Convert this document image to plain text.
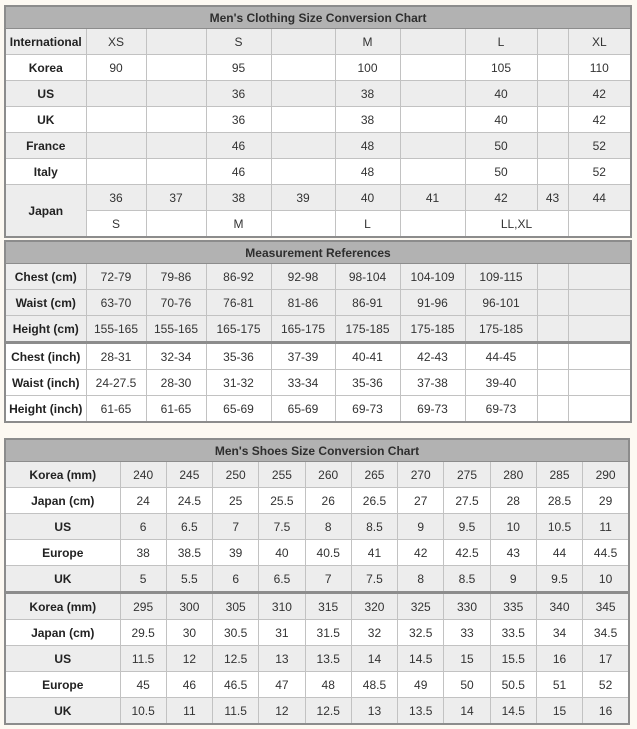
Men's Clothing Size Conversion Chart									
International	XS		S		M		L		XL
Korea	90		95		100		105		110
US			36		38		40		42
UK			36		38		40		42
France			46		48		50		52
Italy			46		48		50		52
Japan	36	37	38	39	40	41	42	43	44
	S		M		L		LL,XL		
Measurement References									
Chest (cm)	72-79	79-86	86-92	92-98	98-104	104-109	109-115		
Waist (cm)	63-70	70-76	76-81	81-86	86-91	91-96	96-101		
Height (cm)	155-165	155-165	165-175	165-175	175-185	175-185	175-185		
Chest (inch)	28-31	32-34	35-36	37-39	40-41	42-43	44-45		
Waist (inch)	24-27.5	28-30	31-32	33-34	35-36	37-38	39-40		
Height (inch)	61-65	61-65	65-69	65-69	69-73	69-73	69-73		
Men's Shoes Size Conversion Chart											
Korea (mm)	240	245	250	255	260	265	270	275	280	285	290
Japan (cm)	24	24.5	25	25.5	26	26.5	27	27.5	28	28.5	29
US	6	6.5	7	7.5	8	8.5	9	9.5	10	10.5	11
Europe	38	38.5	39	40	40.5	41	42	42.5	43	44	44.5
UK	5	5.5	6	6.5	7	7.5	8	8.5	9	9.5	10
Korea (mm)	295	300	305	310	315	320	325	330	335	340	345
Japan (cm)	29.5	30	30.5	31	31.5	32	32.5	33	33.5	34	34.5
US	11.5	12	12.5	13	13.5	14	14.5	15	15.5	16	17
Europe	45	46	46.5	47	48	48.5	49	50	50.5	51	52
UK	10.5	11	11.5	12	12.5	13	13.5	14	14.5	15	16
